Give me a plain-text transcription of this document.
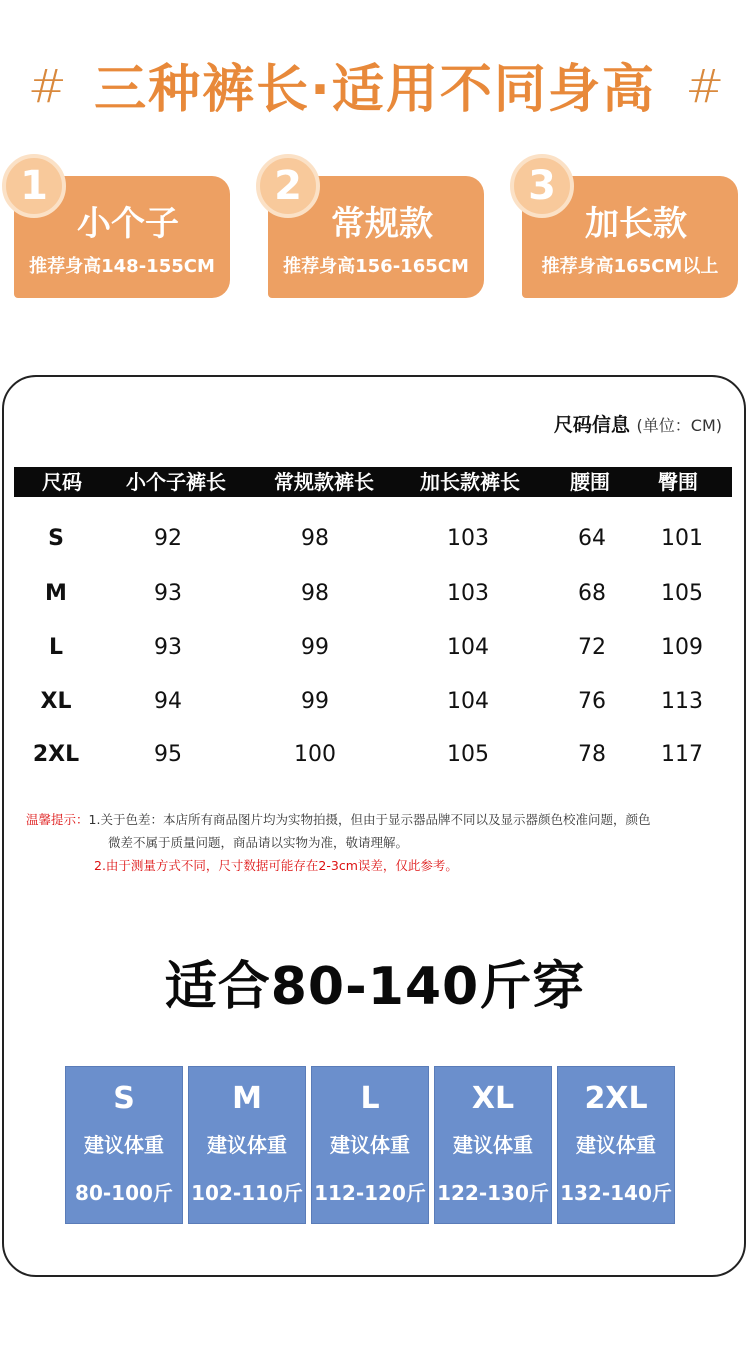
# 三种裤长·适用不同身高 #
1
小个子
推荐身高148-155CM
2
常规款
推荐身高156-165CM
3
加长款
推荐身高165CM以上
尺码信息 (单位：CM)
尺码 小个子裤长 常规款裤长 加长款裤长	腰围 臀围
S	92	98	103	64	101
M	93	98	103	68	105
L	93	99	104	72	109
XL	94	99	104	76	113
2XL	95	100	105	78	117
温馨提示：1.关于色差：本店所有商品图片均为实物拍摄，但由于显示器品牌不同以及显示器颜色校准问题，颜色
微差不属于质量问题，商品请以实物为准，敬请理解。
2.由于测量方式不同，尺寸数据可能存在2-3cm误差，仅此参考。
适合80-140斤穿
S
建议体重
80-100斤
M
建议体重
102-110斤
L
建议体重
112-120斤
XL
建议体重
122-130斤
2XL
建议体重
132-140斤
